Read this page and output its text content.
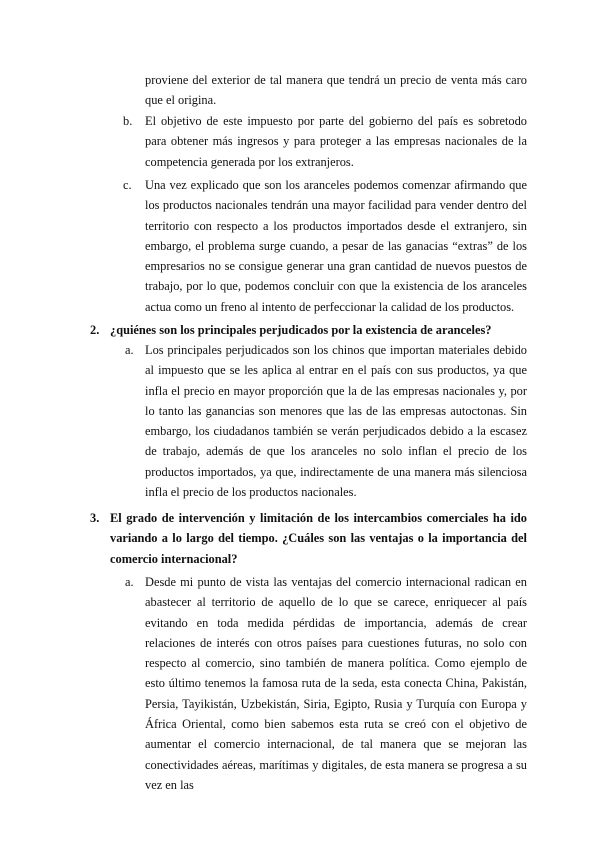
proviene del exterior de tal manera que tendrá un precio de venta más caro que el origina.

b. El objetivo de este impuesto por parte del gobierno del país es sobretodo para obtener más ingresos y para proteger a las empresas nacionales de la competencia generada por los extranjeros.

c. Una vez explicado que son los aranceles podemos comenzar afirmando que los productos nacionales tendrán una mayor facilidad para vender dentro del territorio con respecto a los productos importados desde el extranjero, sin embargo, el problema surge cuando, a pesar de las ganacias “extras” de los empresarios no se consigue generar una gran cantidad de nuevos puestos de trabajo, por lo que, podemos concluir con que la existencia de los aranceles actua como un freno al intento de perfeccionar la calidad de los productos.

2. ¿quiénes son los principales perjudicados por la existencia de aranceles?

a. Los principales perjudicados son los chinos que importan materiales debido al impuesto que se les aplica al entrar en el país con sus productos, ya que infla el precio en mayor proporción que la de las empresas nacionales y, por lo tanto las ganancias son menores que las de las empresas autoctonas. Sin embargo, los ciudadanos también se verán perjudicados debido a la escasez de trabajo, además de que los aranceles no solo inflan el precio de los productos importados, ya que, indirectamente de una manera más silenciosa infla el precio de los productos nacionales.

3. El grado de intervención y limitación de los intercambios comerciales ha ido variando a lo largo del tiempo. ¿Cuáles son las ventajas o la importancia del comercio internacional?

a. Desde mi punto de vista las ventajas del comercio internacional radican en abastecer al territorio de aquello de lo que se carece, enriquecer al país evitando en toda medida pérdidas de importancia, además de crear relaciones de interés con otros países para cuestiones futuras, no solo con respecto al comercio, sino también de manera política. Como ejemplo de esto último tenemos la famosa ruta de la seda, esta conecta China, Pakistán, Persia, Tayikistán, Uzbekistán, Siria, Egipto, Rusia y Turquía con Europa y África Oriental, como bien sabemos esta ruta se creó con el objetivo de aumentar el comercio internacional, de tal manera que se mejoran las conectividades aéreas, marítimas y digitales, de esta manera se progresa a su vez en las
